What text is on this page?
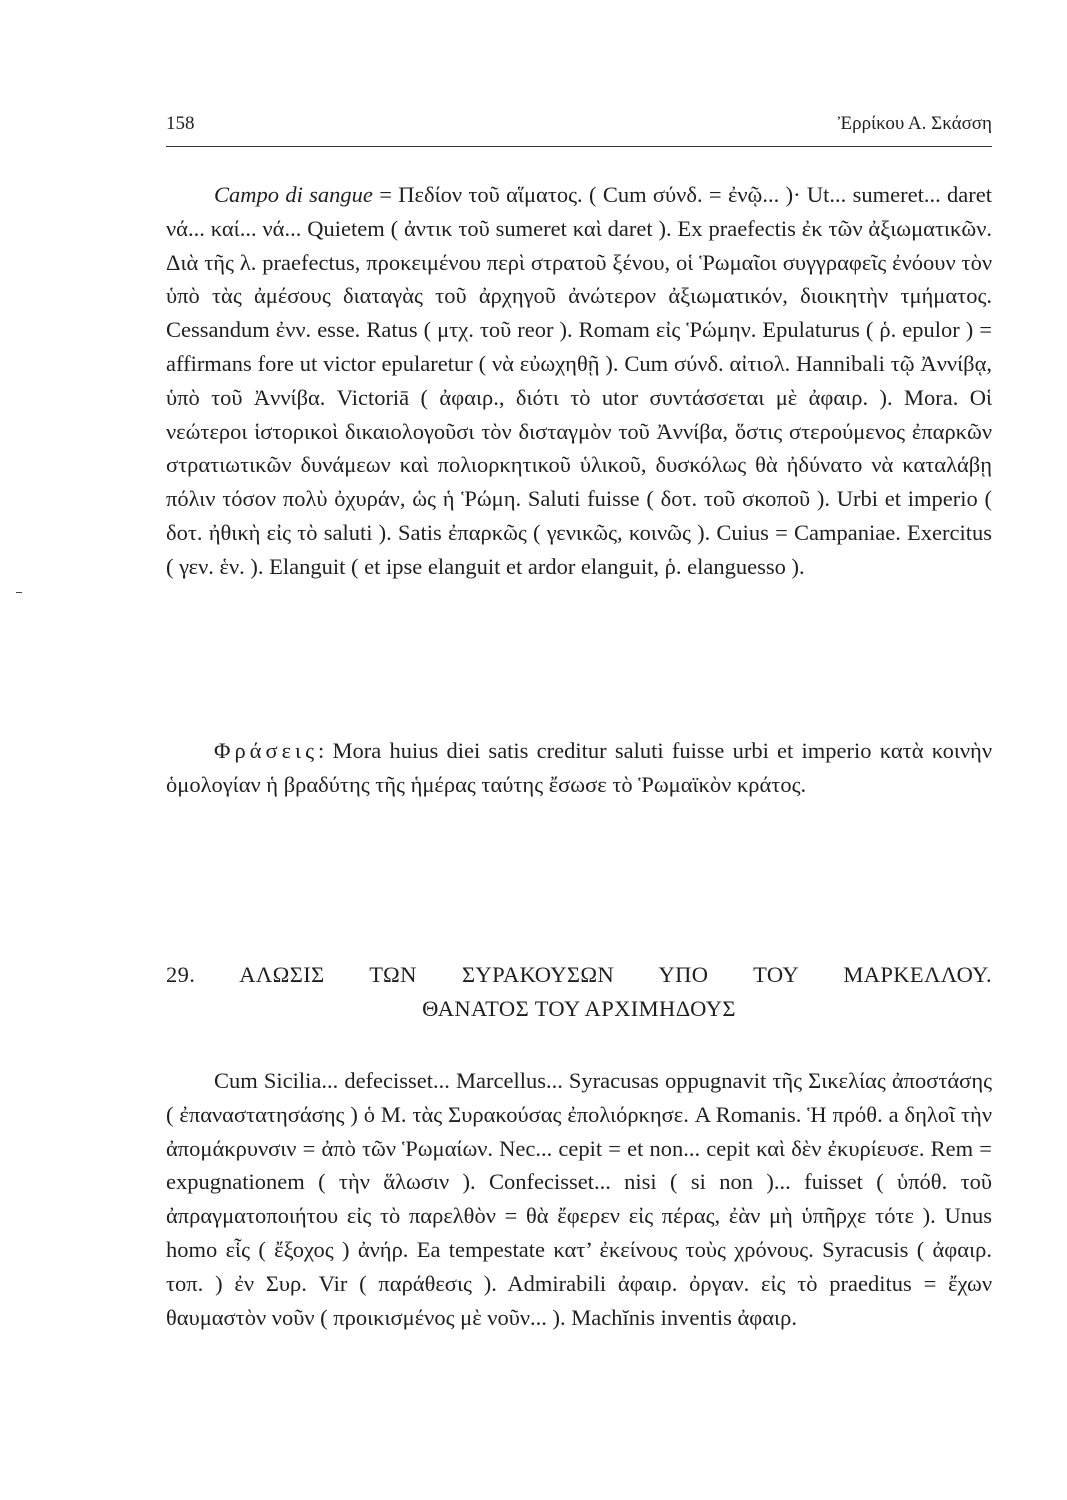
158	Ἐρρίκου Α. Σκάσση

Campo di sangue = Πεδίον τοῦ αἵματος. ( Cum σύνδ. = ἐνῷ... )· Ut... sumeret... daret νά... καί... νά... Quietem ( ἀντικ τοῦ sumeret καὶ daret ). Ex praefectis ἐκ τῶν ἀξιωματικῶν. Διὰ τῆς λ. praefectus, προκειμένου περὶ στρατοῦ ξένου, οἱ Ῥωμαῖοι συγγραφεῖς ἐνόουν τὸν ὑπὸ τὰς ἀμέσους διαταγὰς τοῦ ἀρχηγοῦ ἀνώτερον ἀξιωματικόν, διοικητὴν τμήματος. Cessandum ἐνν. esse. Ratus ( μτχ. τοῦ reor ). Romam εἰς Ῥώμην. Epulaturus ( ῥ. epulor ) = affirmans fore ut victor epularetur ( νὰ εὐωχηθῇ ). Cum σύνδ. αἰτιολ. Hannibali τῷ Ἀννίβᾳ, ὑπὸ τοῦ Ἀννίβα. Victoriā ( ἀφαιρ., διότι τὸ utor συντάσσεται μὲ ἀφαιρ. ). Mora. Οἱ νεώτεροι ἱστορικοὶ δικαιολογοῦσι τὸν δισταγμὸν τοῦ Ἀννίβα, ὅστις στερούμενος ἐπαρκῶν στρατιωτικῶν δυνάμεων καὶ πολιορκητικοῦ ὑλικοῦ, δυσκόλως θὰ ἠδύνατο νὰ καταλάβῃ πόλιν τόσον πολὺ ὀχυράν, ὡς ἡ Ῥώμη. Saluti fuisse ( δοτ. τοῦ σκοποῦ ). Urbi et imperio ( δοτ. ἠθικὴ εἰς τὸ saluti ). Satis ἐπαρκῶς ( γενικῶς, κοινῶς ). Cuius = Campaniae. Exercitus ( γεν. ἑν. ). Elanguit ( et ipse elanguit et ardor elanguit, ῥ. elanguesso ).

Φράσεις: Mora huius diei satis creditur saluti fuisse urbi et imperio κατὰ κοινὴν ὁμολογίαν ἡ βραδύτης τῆς ἡμέρας ταύτης ἔσωσε τὸ Ῥωμαϊκὸν κράτος.

29. ΑΛΩΣΙΣ ΤΩΝ ΣΥΡΑΚΟΥΣΩΝ ΥΠΟ ΤΟΥ ΜΑΡΚΕΛΛΟΥ.
ΘΑΝΑΤΟΣ ΤΟΥ ΑΡΧΙΜΗΔΟΥΣ

Cum Sicilia... defecisset... Marcellus... Syracusas oppugnavit τῆς Σικελίας ἀποστάσης ( ἐπαναστατησάσης ) ὁ Μ. τὰς Συρακούσας ἐπολιόρκησε. A Romanis. Ἡ πρόθ. a δηλοῖ τὴν ἀπομάκρυνσιν = ἀπὸ τῶν Ῥωμαίων. Nec... cepit = et non... cepit καὶ δὲν ἐκυρίευσε. Rem = expugnationem ( τὴν ἅλωσιν ). Confecisset... nisi ( si non )... fuisset ( ὑπόθ. τοῦ ἀπραγματοποιήτου εἰς τὸ παρελθὸν = θὰ ἔφερεν εἰς πέρας, ἐὰν μὴ ὑπῆρχε τότε ). Unus homo εἷς ( ἔξοχος ) ἀνήρ. Ea tempestate κατ’ ἐκείνους τοὺς χρόνους. Syracusis ( ἀφαιρ. τοπ. ) ἐν Συρ. Vir ( παράθεσις ). Admirabili ἀφαιρ. ὀργαν. εἰς τὸ praeditus = ἔχων θαυμαστὸν νοῦν ( προικισμένος μὲ νοῦν... ). Machĭnis inventis ἀφαιρ.
